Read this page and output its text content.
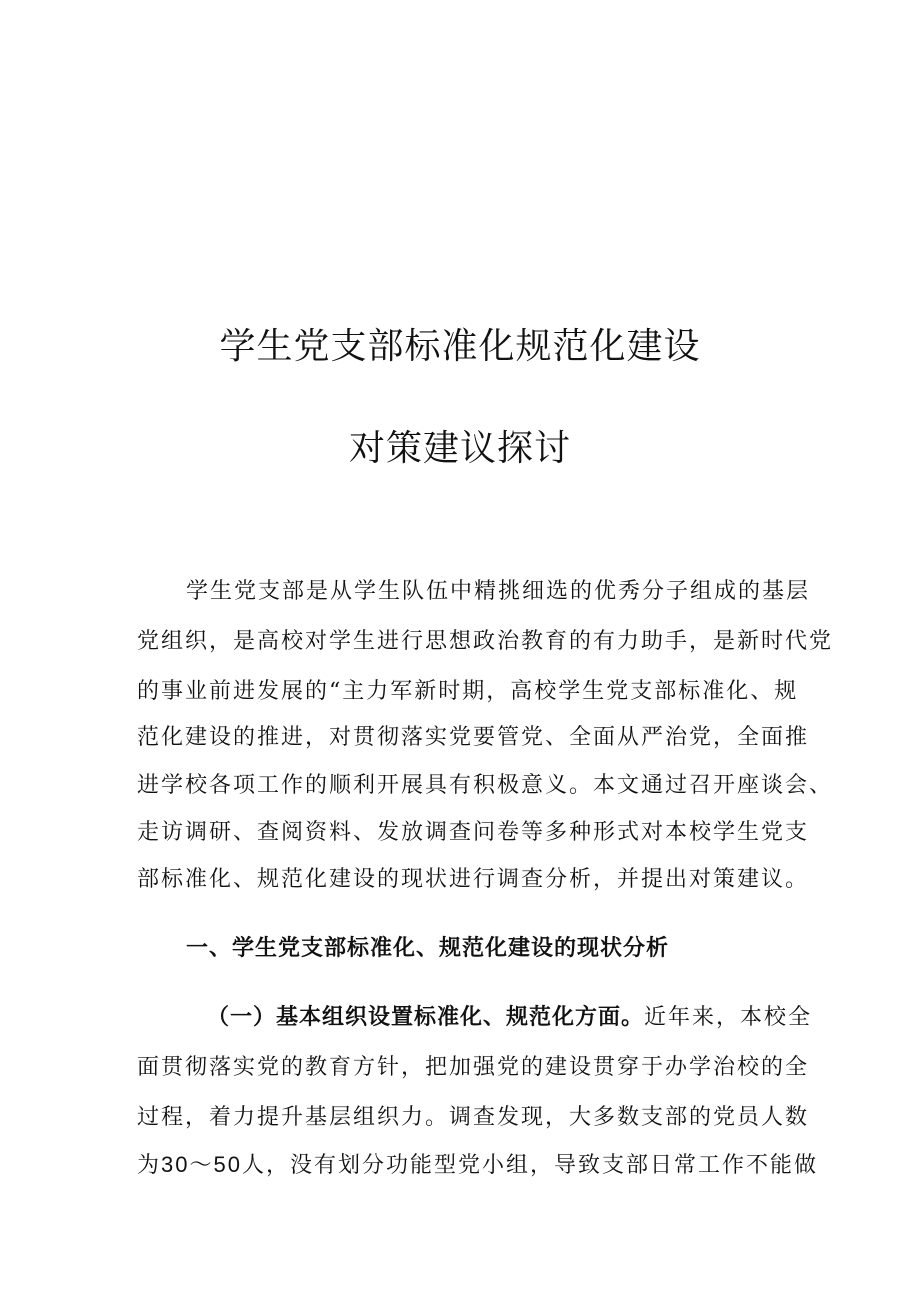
学生党支部标准化规范化建设
对策建议探讨
学生党支部是从学生队伍中精挑细选的优秀分子组成的基层
党组织，是高校对学生进行思想政治教育的有力助手，是新时代党
的事业前进发展的“主力军新时期，高校学生党支部标准化、规
范化建设的推进，对贯彻落实党要管党、全面从严治党，全面推
进学校各项工作的顺利开展具有积极意义。本文通过召开座谈会、
走访调研、查阅资料、发放调查问卷等多种形式对本校学生党支
部标准化、规范化建设的现状进行调查分析，并提出对策建议。
一、学生党支部标准化、规范化建设的现状分析
（一）基本组织设置标准化、规范化方面。近年来，本校全
面贯彻落实党的教育方针，把加强党的建设贯穿于办学治校的全
过程，着力提升基层组织力。调查发现，大多数支部的党员人数
为30～50人，没有划分功能型党小组，导致支部日常工作不能做
